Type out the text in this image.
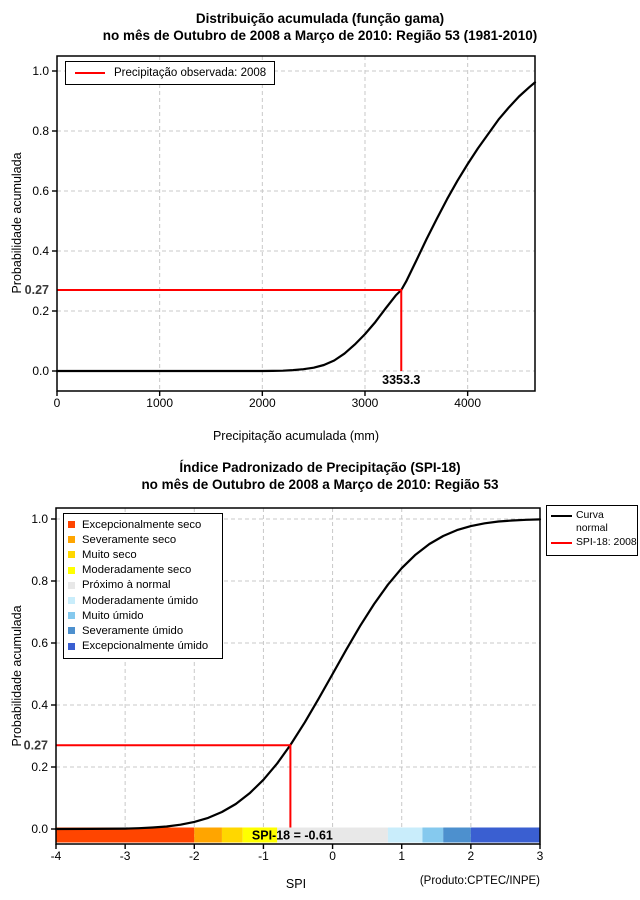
0	1000	2000	3000	4000
0.0
0.2
0.4
0.6
0.8
1.0
0.27
3353.3
-4	-3	-2	-1	0	1	2	3
0.0
0.2
0.4
0.6
0.8
1.0
0.27
SPI-18 = -0.61
Distribuição acumulada (função gama)
no mês de Outubro de 2008 a Março de 2010: Região 53 (1981-2010)
Probabilidade acumulada
Precipitação acumulada (mm)
Precipitação observada: 2008
Índice Padronizado de Precipitação (SPI-18)
no mês de Outubro de 2008 a Março de 2010: Região 53
Probabilidade acumulada
SPI	(Produto:CPTEC/INPE)
Excepcionalmente seco
Severamente seco
Muito seco
Moderadamente seco
Próximo à normal
Moderadamente úmido
Muito úmido
Severamente úmido
Excepcionalmente úmido
Curva normal
SPI-18: 2008
